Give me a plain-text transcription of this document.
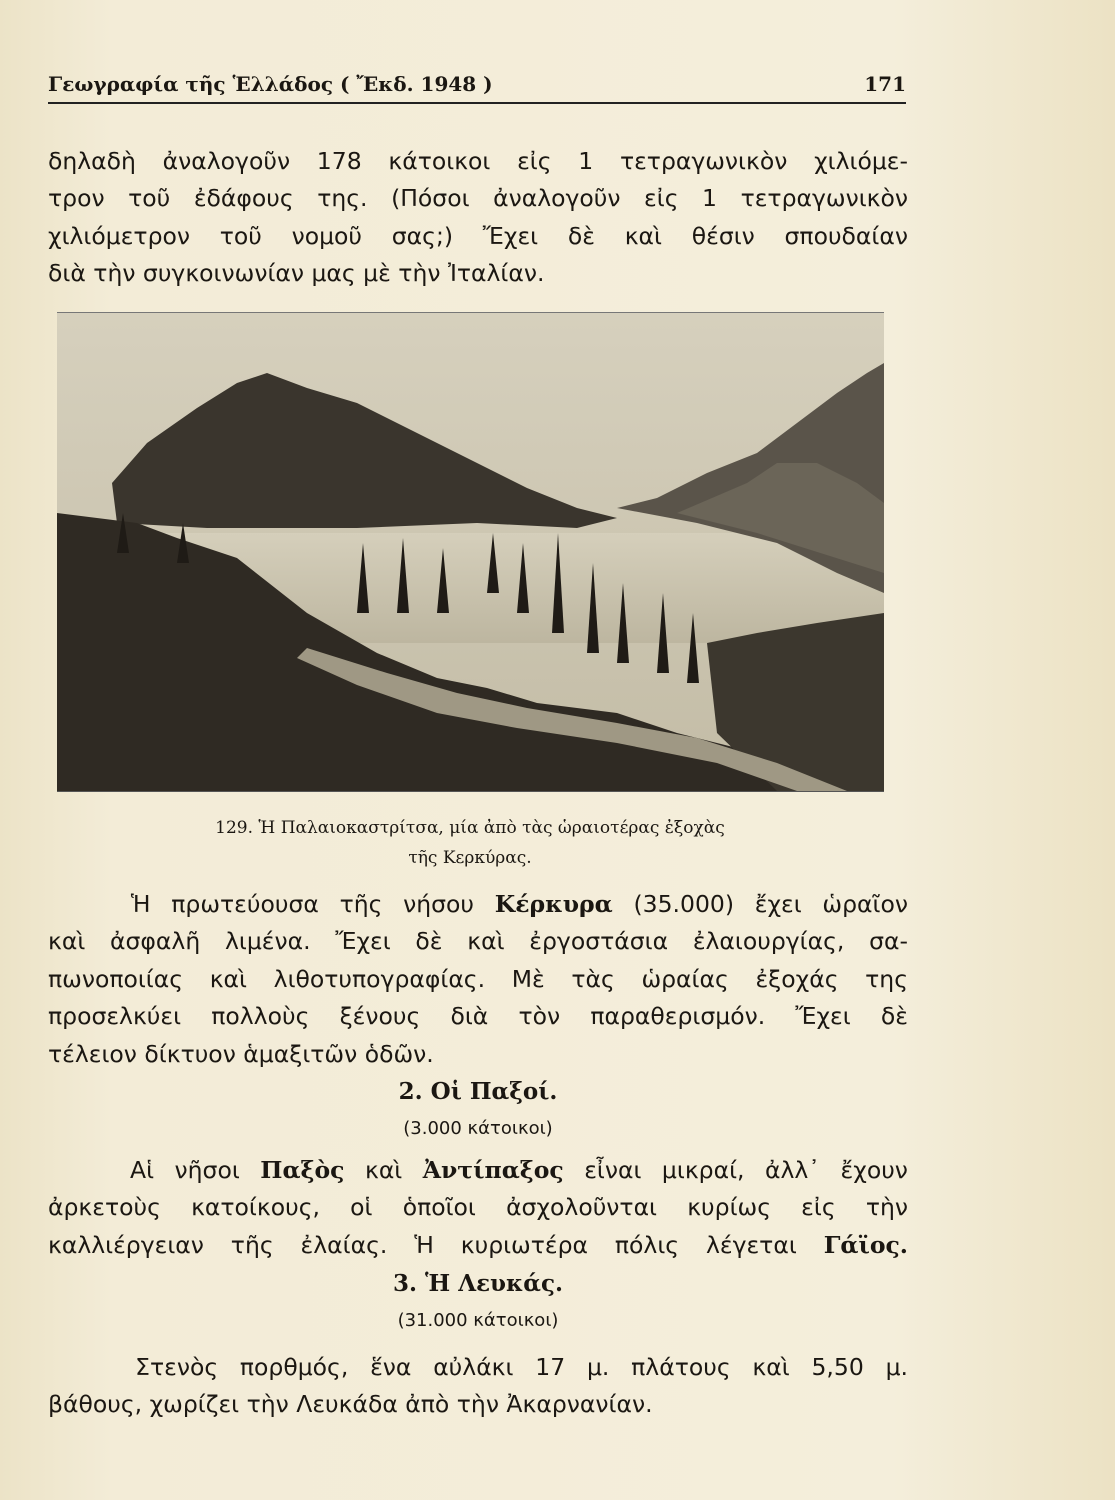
Γεωγραφία τῆς Ἑλλάδος ( Ἔκδ. 1948 )	171
δηλαδὴ ἀναλογοῦν 178 κάτοικοι εἰς 1 τετραγωνικὸν χιλιόμε-
τρον τοῦ ἐδάφους της. (Πόσοι ἀναλογοῦν εἰς 1 τετραγωνικὸν
χιλιόμετρον τοῦ νομοῦ σας;) Ἔχει δὲ καὶ θέσιν σπουδαίαν
διὰ τὴν συγκοινωνίαν μας μὲ τὴν Ἰταλίαν.
129. Ἡ Παλαιοκαστρίτσα, μία ἀπὸ τὰς ὡραιοτέρας ἐξοχὰς
τῆς Κερκύρας.
Ἡ πρωτεύουσα τῆς νήσου Κέρκυρα (35.000) ἔχει ὡραῖον
καὶ ἀσφαλῆ λιμένα. Ἔχει δὲ καὶ ἐργοστάσια ἐλαιουργίας, σα-
πωνοποιίας καὶ λιθοτυπογραφίας. Μὲ τὰς ὡραίας ἐξοχάς της
προσελκύει πολλοὺς ξένους διὰ τὸν παραθερισμόν. Ἔχει δὲ
τέλειον δίκτυον ἁμαξιτῶν ὁδῶν.
2. Οἱ Παξοί.
(3.000 κάτοικοι)
Αἱ νῆσοι Παξὸς καὶ Ἀντίπαξος εἶναι μικραί, ἀλλ᾽ ἔχουν
ἀρκετοὺς κατοίκους, οἱ ὁποῖοι ἀσχολοῦνται κυρίως εἰς τὴν
καλλιέργειαν τῆς ἐλαίας. Ἡ κυριωτέρα πόλις λέγεται Γάϊος.
3. Ἡ Λευκάς.
(31.000 κάτοικοι)
Στενὸς πορθμός, ἕνα αὐλάκι 17 μ. πλάτους καὶ 5,50 μ.
βάθους, χωρίζει τὴν Λευκάδα ἀπὸ τὴν Ἀκαρνανίαν.
